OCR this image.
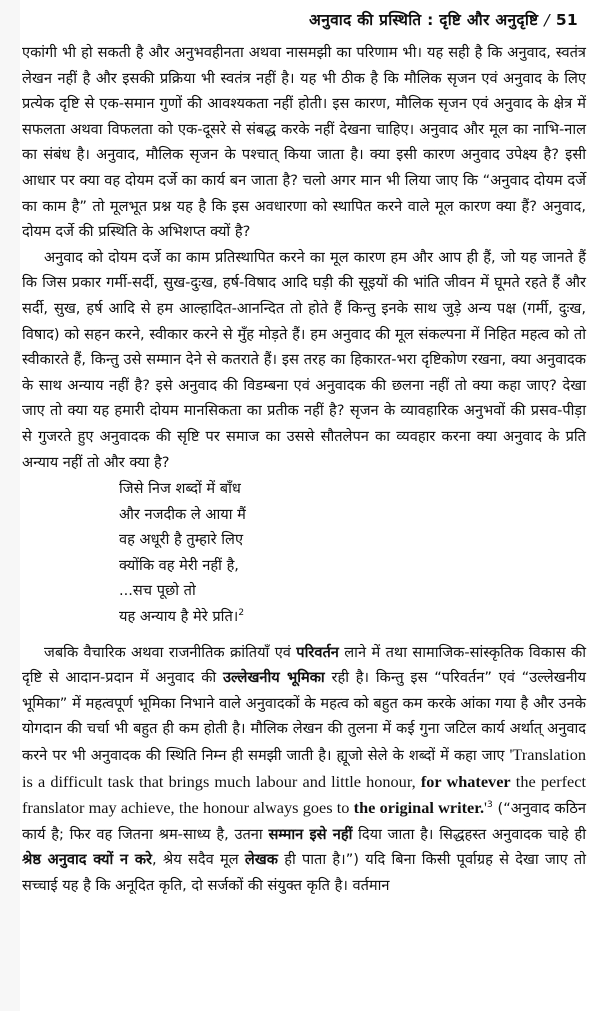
अनुवाद की प्रस्थिति : दृष्टि और अनुदृष्टि / 51

एकांगी भी हो सकती है और अनुभवहीनता अथवा नासमझी का परिणाम भी। यह सही है कि अनुवाद, स्वतंत्र लेखन नहीं है और इसकी प्रक्रिया भी स्वतंत्र नहीं है। यह भी ठीक है कि मौलिक सृजन एवं अनुवाद के लिए प्रत्येक दृष्टि से एक-समान गुणों की आवश्यकता नहीं होती। इस कारण, मौलिक सृजन एवं अनुवाद के क्षेत्र में सफलता अथवा विफलता को एक-दूसरे से संबद्ध करके नहीं देखना चाहिए। अनुवाद और मूल का नाभि-नाल का संबंध है। अनुवाद, मौलिक सृजन के पश्चात् किया जाता है। क्या इसी कारण अनुवाद उपेक्ष्य है? इसी आधार पर क्या वह दोयम दर्जे का कार्य बन जाता है? चलो अगर मान भी लिया जाए कि “अनुवाद दोयम दर्जे का काम है” तो मूलभूत प्रश्न यह है कि इस अवधारणा को स्थापित करने वाले मूल कारण क्या हैं? अनुवाद, दोयम दर्जे की प्रस्थिति के अभिशप्त क्यों है?

अनुवाद को दोयम दर्जे का काम प्रतिस्थापित करने का मूल कारण हम और आप ही हैं, जो यह जानते हैं कि जिस प्रकार गर्मी-सर्दी, सुख-दुःख, हर्ष-विषाद आदि घड़ी की सूइयों की भांति जीवन में घूमते रहते हैं और सर्दी, सुख, हर्ष आदि से हम आल्हादित-आनन्दित तो होते हैं किन्तु इनके साथ जुड़े अन्य पक्ष (गर्मी, दुःख, विषाद) को सहन करने, स्वीकार करने से मुँह मोड़ते हैं। हम अनुवाद की मूल संकल्पना में निहित महत्व को तो स्वीकारते हैं, किन्तु उसे सम्मान देने से कतराते हैं। इस तरह का हिकारत-भरा दृष्टिकोण रखना, क्या अनुवादक के साथ अन्याय नहीं है? इसे अनुवाद की विडम्बना एवं अनुवादक की छलना नहीं तो क्या कहा जाए? देखा जाए तो क्या यह हमारी दोयम मानसिकता का प्रतीक नहीं है? सृजन के व्यावहारिक अनुभवों की प्रसव-पीड़ा से गुजरते हुए अनुवादक की सृष्टि पर समाज का उससे सौतलेपन का व्यवहार करना क्या अनुवाद के प्रति अन्याय नहीं तो और क्या है?

जिसे निज शब्दों में बाँध
और नजदीक ले आया मैं
वह अधूरी है तुम्हारे लिए
क्योंकि वह मेरी नहीं है,
...सच पूछो तो
यह अन्याय है मेरे प्रति।$^2$

जबकि वैचारिक अथवा राजनीतिक क्रांतियाँ एवं परिवर्तन लाने में तथा सामाजिक-सांस्कृतिक विकास की दृष्टि से आदान-प्रदान में अनुवाद की उल्लेखनीय भूमिका रही है। किन्तु इस “परिवर्तन” एवं “उल्लेखनीय भूमिका” में महत्वपूर्ण भूमिका निभाने वाले अनुवादकों के महत्व को बहुत कम करके आंका गया है और उनके योगदान की चर्चा भी बहुत ही कम होती है। मौलिक लेखन की तुलना में कई गुना जटिल कार्य अर्थात् अनुवाद करने पर भी अनुवादक की स्थिति निम्न ही समझी जाती है। ह्यूजो सेले के शब्दों में कहा जाए 'Translation is a difficult task that brings much labour and little honour, for whatever the perfect franslator may achieve, the honour always goes to the original $writer.'^3$ (“अनुवाद कठिन कार्य है; फिर वह जितना श्रम-साध्य है, उतना सम्मान इसे नहीं दिया जाता है। सिद्धहस्त अनुवादक चाहे ही श्रेष्ठ अनुवाद क्यों न करे, श्रेय सदैव मूल लेखक ही पाता है।”) यदि बिना किसी पूर्वाग्रह से देखा जाए तो सच्चाई यह है कि अनूदित कृति, दो सर्जकों की संयुक्त कृति है। वर्तमान
